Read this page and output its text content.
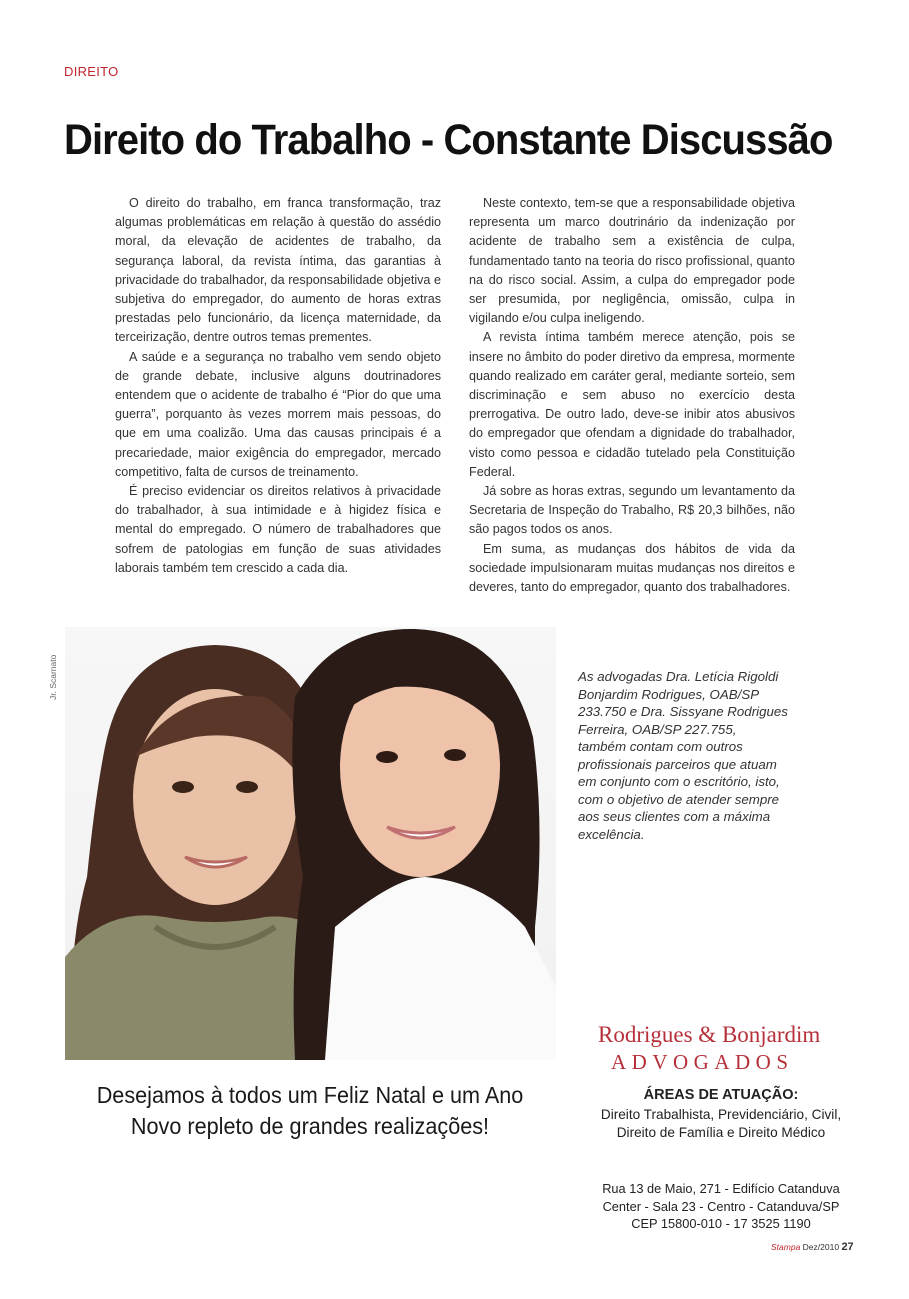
DIREITO
Direito do Trabalho - Constante Discussão

O direito do trabalho, em franca transformação, traz algumas problemáticas em relação à questão do assédio moral, da elevação de acidentes de trabalho, da segurança laboral, da revista íntima, das garantias à privacidade do trabalhador, da responsabilidade objetiva e subjetiva do empregador, do aumento de horas extras prestadas pelo funcionário, da licença maternidade, da terceirização, dentre outros temas prementes.

A saúde e a segurança no trabalho vem sendo objeto de grande debate, inclusive alguns doutrinadores entendem que o acidente de trabalho é “Pior do que uma guerra”, porquanto às vezes morrem mais pessoas, do que em uma coalizão. Uma das causas principais é a precariedade, maior exigência do empregador, mercado competitivo, falta de cursos de treinamento.

É preciso evidenciar os direitos relativos à privacidade do trabalhador, à sua intimidade e à higidez física e mental do empregado. O número de trabalhadores que sofrem de patologias em função de suas atividades laborais também tem crescido a cada dia.

Neste contexto, tem-se que a responsabilidade objetiva representa um marco doutrinário da indenização por acidente de trabalho sem a existência de culpa, fundamentado tanto na teoria do risco profissional, quanto na do risco social. Assim, a culpa do empregador pode ser presumida, por negligência, omissão, culpa in vigilando e/ou culpa ineligendo.

A revista íntima também merece atenção, pois se insere no âmbito do poder diretivo da empresa, mormente quando realizado em caráter geral, mediante sorteio, sem discriminação e sem abuso no exercício desta prerrogativa. De outro lado, deve-se inibir atos abusivos do empregador que ofendam a dignidade do trabalhador, visto como pessoa e cidadão tutelado pela Constituição Federal.

Já sobre as horas extras, segundo um levantamento da Secretaria de Inspeção do Trabalho, R$ 20,3 bilhões, não são pagos todos os anos.

Em suma, as mudanças dos hábitos de vida da sociedade impulsionaram muitas mudanças nos direitos e deveres, tanto do empregador, quanto dos trabalhadores.

Jr. Scarnato	As advogadas Dra. Letícia Rigoldi Bonjardim Rodrigues, OAB/SP 233.750 e Dra. Sissyane Rodrigues Ferreira, OAB/SP 227.755, também contam com outros profissionais parceiros que atuam em conjunto com o escritório, isto, com o objetivo de atender sempre aos seus clientes com a máxima excelência.
Rodrigues & Bonjardim
ADVOGADOS
ÁREAS DE ATUAÇÃO:
Direito Trabalhista, Previdenciário, Civil, Direito de Família e Direito Médico
Rua 13 de Maio, 271 - Edifício Catanduva Center - Sala 23 - Centro - Catanduva/SP CEP 15800-010 - 17 3525 1190
Desejamos à todos um Feliz Natal e um Ano Novo repleto de grandes realizações!
Stampa Dez/2010 27
